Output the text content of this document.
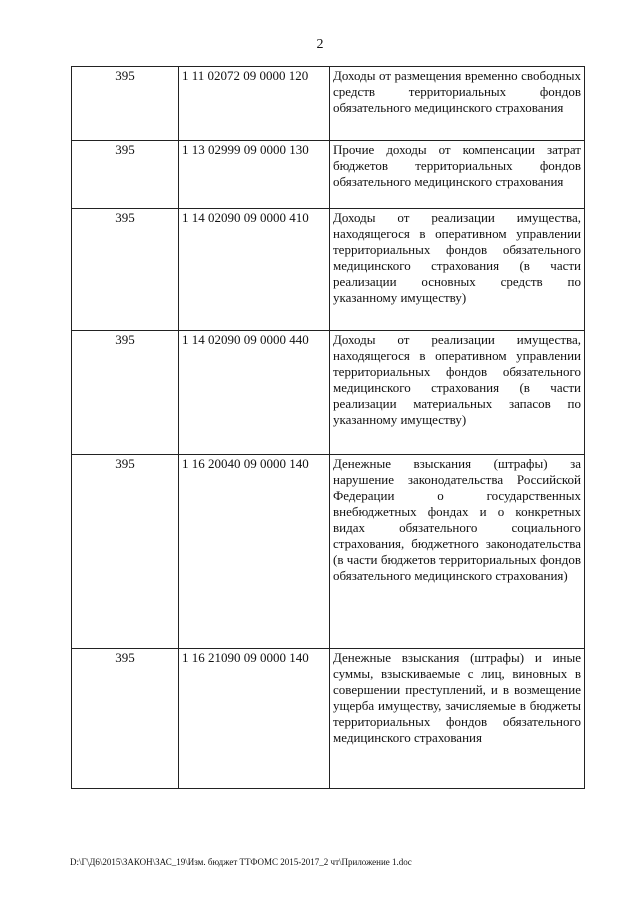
2
395	1 11 02072 09 0000 120	Доходы от размещения временно свободных средств территориальных фондов обязательного медицинского страхования
395	1 13 02999 09 0000 130	Прочие доходы от компенсации затрат бюджетов территориальных фондов обязательного медицинского страхования
395	1 14 02090 09 0000 410	Доходы от реализации имущества, находящегося в оперативном управлении территориальных фондов обязательного медицинского страхования (в части реализации основных средств по указанному имуществу)
395	1 14 02090 09 0000 440	Доходы от реализации имущества, находящегося в оперативном управлении территориальных фондов обязательного медицинского страхования (в части реализации материальных запасов по указанному имуществу)
395	1 16 20040 09 0000 140	Денежные взыскания (штрафы) за нарушение законодательства Российской Федерации о государственных внебюджетных фондах и о конкретных видах обязательного социального страхования, бюджетного законодательства (в части бюджетов территориальных фондов обязательного медицинского страхования)
395	1 16 21090 09 0000 140	Денежные взыскания (штрафы) и иные суммы, взыскиваемые с лиц, виновных в совершении преступлений, и в возмещение ущерба имуществу, зачисляемые в бюджеты территориальных фондов обязательного медицинского страхования
D:\Г\Д6\2015\ЗАКОН\ЗАС_19\Изм. бюджет ТТФОМС 2015-2017_2 чт\Приложение 1.doc
